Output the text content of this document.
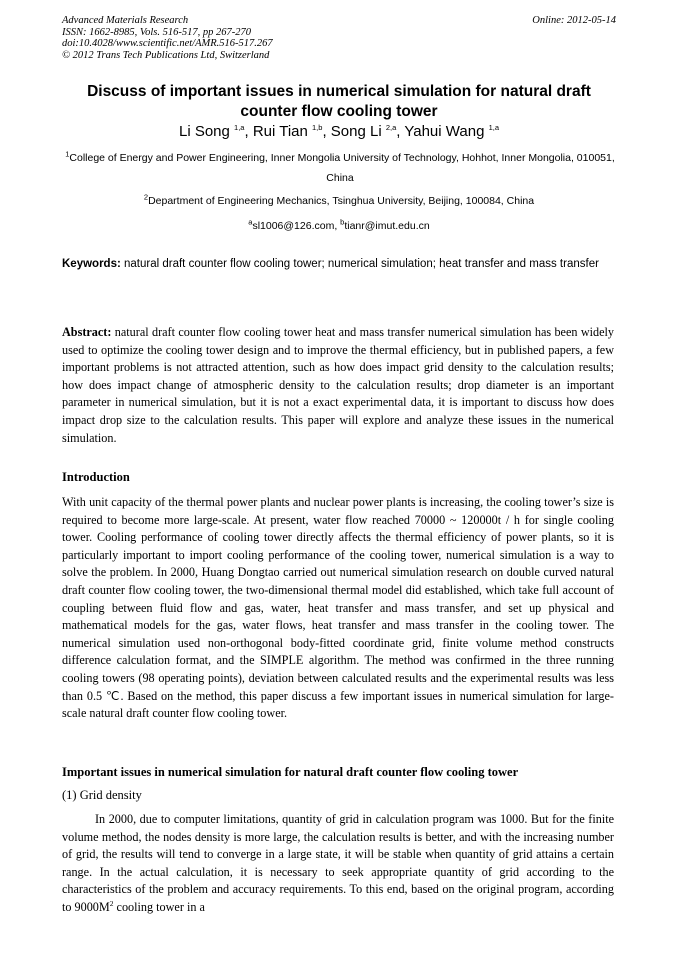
Advanced Materials Research
ISSN: 1662-8985, Vols. 516-517, pp 267-270
doi:10.4028/www.scientific.net/AMR.516-517.267
© 2012 Trans Tech Publications Ltd, Switzerland
Online: 2012-05-14
Discuss of important issues in numerical simulation for natural draft counter flow cooling tower
Li Song $^{1,a}$, Rui Tian $^{1,b}$, Song Li $^{2,a}$, Yahui Wang $^{1,a}$
$^1$College of Energy and Power Engineering, Inner Mongolia University of Technology, Hohhot, Inner Mongolia, 010051, China
$^2$Department of Engineering Mechanics, Tsinghua University, Beijing, 100084, China
$^a$sl1006@126.com, $^b$tianr@imut.edu.cn
Keywords: natural draft counter flow cooling tower; numerical simulation; heat transfer and mass transfer
Abstract: natural draft counter flow cooling tower heat and mass transfer numerical simulation has been widely used to optimize the cooling tower design and to improve the thermal efficiency, but in published papers, a few important problems is not attracted attention, such as how does impact grid density to the calculation results; how does impact change of atmospheric density to the calculation results; drop diameter is an important parameter in numerical simulation, but it is not a exact experimental data, it is important to discuss how does impact drop size to the calculation results. This paper will explore and analyze these issues in the numerical simulation.
Introduction
With unit capacity of the thermal power plants and nuclear power plants is increasing, the cooling tower’s size is required to become more large-scale. At present, water flow reached 70000 ~ 120000t / h for single cooling tower. Cooling performance of cooling tower directly affects the thermal efficiency of power plants, so it is particularly important to import cooling performance of the cooling tower, numerical simulation is a way to solve the problem. In 2000, Huang Dongtao carried out numerical simulation research on double curved natural draft counter flow cooling tower, the two-dimensional thermal model did established, which take full account of coupling between fluid flow and gas, water, heat transfer and mass transfer, and set up physical and mathematical models for the gas, water flows, heat transfer and mass transfer in the cooling tower. The numerical simulation used non-orthogonal body-fitted coordinate grid, finite volume method constructs difference calculation format, and the SIMPLE algorithm. The method was confirmed in the three running cooling towers (98 operating points), deviation between calculated results and the experimental results was less than 0.5 ℃. Based on the method, this paper discuss a few important issues in numerical simulation for large-scale natural draft counter flow cooling tower.
Important issues in numerical simulation for natural draft counter flow cooling tower
(1) Grid density
In 2000, due to computer limitations, quantity of grid in calculation program was 1000. But for the finite volume method, the nodes density is more large, the calculation results is better, and with the increasing number of grid, the results will tend to converge in a large state, it will be stable when quantity of grid attains a certain range. In the actual calculation, it is necessary to seek appropriate quantity of grid according to the characteristics of the problem and accuracy requirements. To this end, based on the original program, according to $9000M^2$ cooling tower in a
